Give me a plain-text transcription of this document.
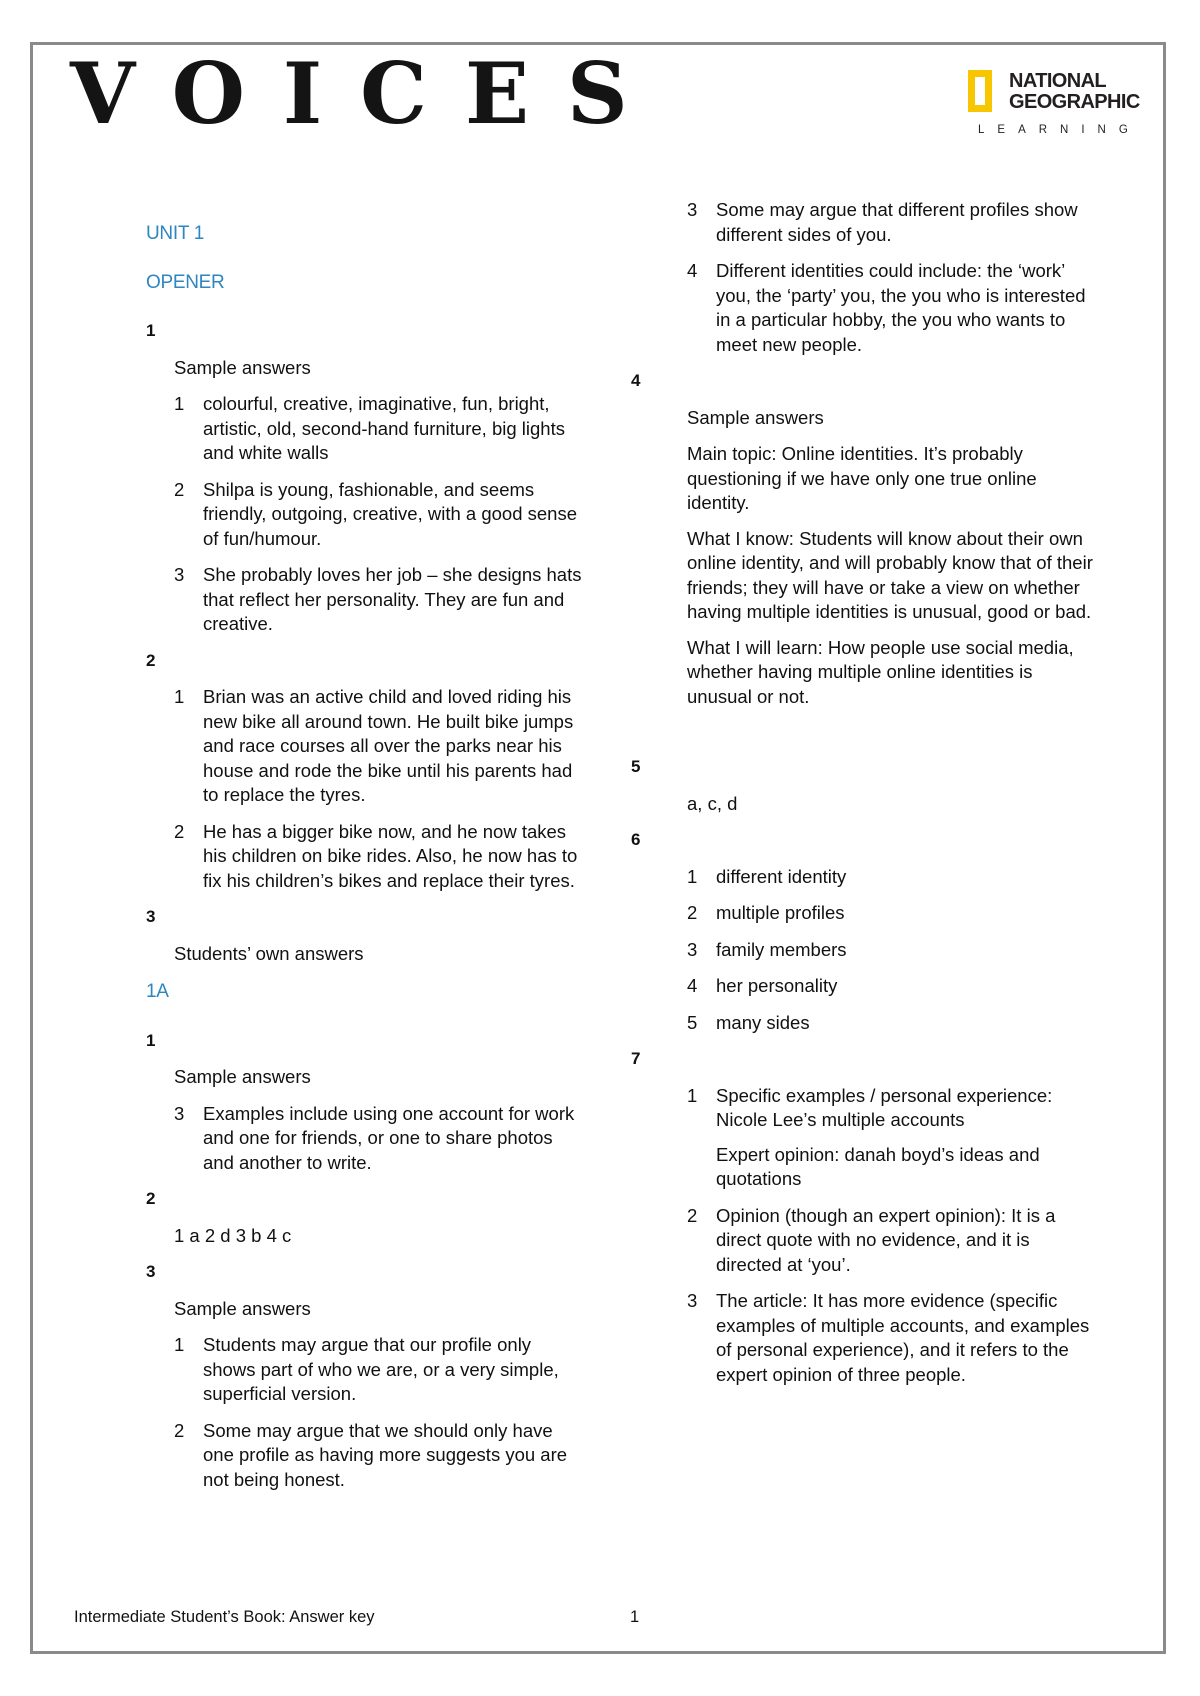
VOICES	NATIONAL
GEOGRAPHIC
LEARNING
UNIT 1
OPENER
1
Sample answers
1	colourful, creative, imaginative, fun, bright, artistic, old, second-hand furniture, big lights and white walls
2	Shilpa is young, fashionable, and seems friendly, outgoing, creative, with a good sense of fun/humour.
3	She probably loves her job – she designs hats that reflect her personality. They are fun and creative.
2
1	Brian was an active child and loved riding his new bike all around town. He built bike jumps and race courses all over the parks near his house and rode the bike until his parents had to replace the tyres.
2	He has a bigger bike now, and he now takes his children on bike rides. Also, he now has to fix his children’s bikes and replace their tyres.
3
Students’ own answers
1A
1
Sample answers
3	Examples include using one account for work and one for friends, or one to share photos and another to write.
2
1 a 2 d 3 b 4 c
3
Sample answers
1	Students may argue that our profile only shows part of who we are, or a very simple, superficial version.
2	Some may argue that we should only have one profile as having more suggests you are not being honest.
3	Some may argue that different profiles show different sides of you.
4	Different identities could include: the ‘work’ you, the ‘party’ you, the you who is interested in a particular hobby, the you who wants to meet new people.
4
Sample answers
Main topic: Online identities. It’s probably questioning if we have only one true online identity.
What I know: Students will know about their own online identity, and will probably know that of their friends; they will have or take a view on whether having multiple identities is unusual, good or bad.
What I will learn: How people use social media, whether having multiple online identities is unusual or not.
5
a, c, d
6
1	different identity
2	multiple profiles
3	family members
4	her personality
5	many sides
7
1	Specific examples / personal experience: Nicole Lee’s multiple accounts
Expert opinion: danah boyd’s ideas and quotations
2	Opinion (though an expert opinion): It is a direct quote with no evidence, and it is directed at ‘you’.
3	The article: It has more evidence (specific examples of multiple accounts, and examples of personal experience), and it refers to the expert opinion of three people.
Intermediate Student’s Book: Answer key	1
